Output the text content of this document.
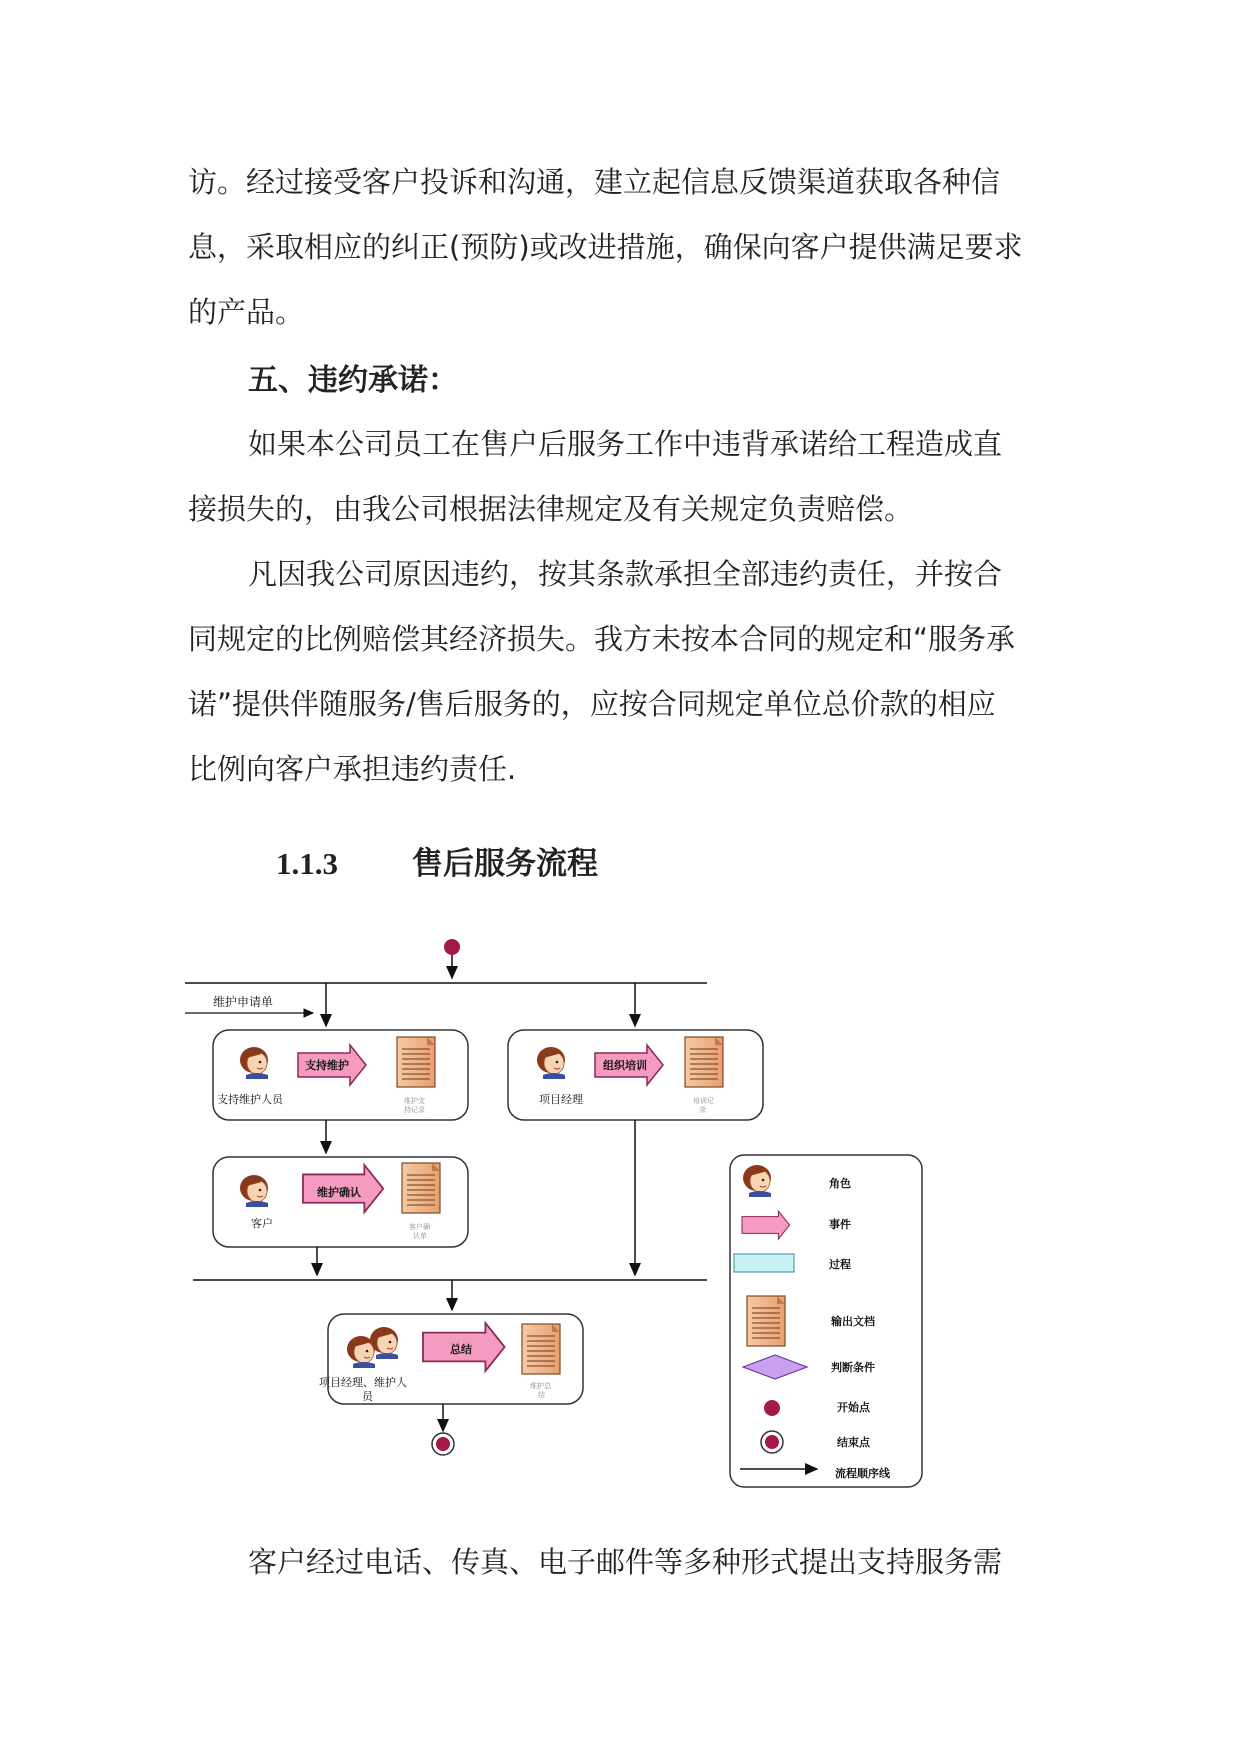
访。经过接受客户投诉和沟通，建立起信息反馈渠道获取各种信
息，采取相应的纠正(预防)或改进措施，确保向客户提供满足要求
的产品。
五、违约承诺：
如果本公司员工在售户后服务工作中违背承诺给工程造成直
接损失的，由我公司根据法律规定及有关规定负责赔偿。
凡因我公司原因违约，按其条款承担全部违约责任，并按合
同规定的比例赔偿其经济损失。我方未按本合同的规定和“服务承
诺”提供伴随服务/售后服务的，应按合同规定单位总价款的相应
比例向客户承担违约责任.
1.1.3 售后服务流程
维护申请单
支持维护人员
支持维护
维护支
持记录
项目经理
组织培训
培训记
录
客户
维护确认
客户确
认单
项目经理、维护人
员
总结
维护总
结
角色
事件
过程
输出文档
判断条件
开始点
结束点
流程顺序线
客户经过电话、传真、电子邮件等多种形式提出支持服务需
